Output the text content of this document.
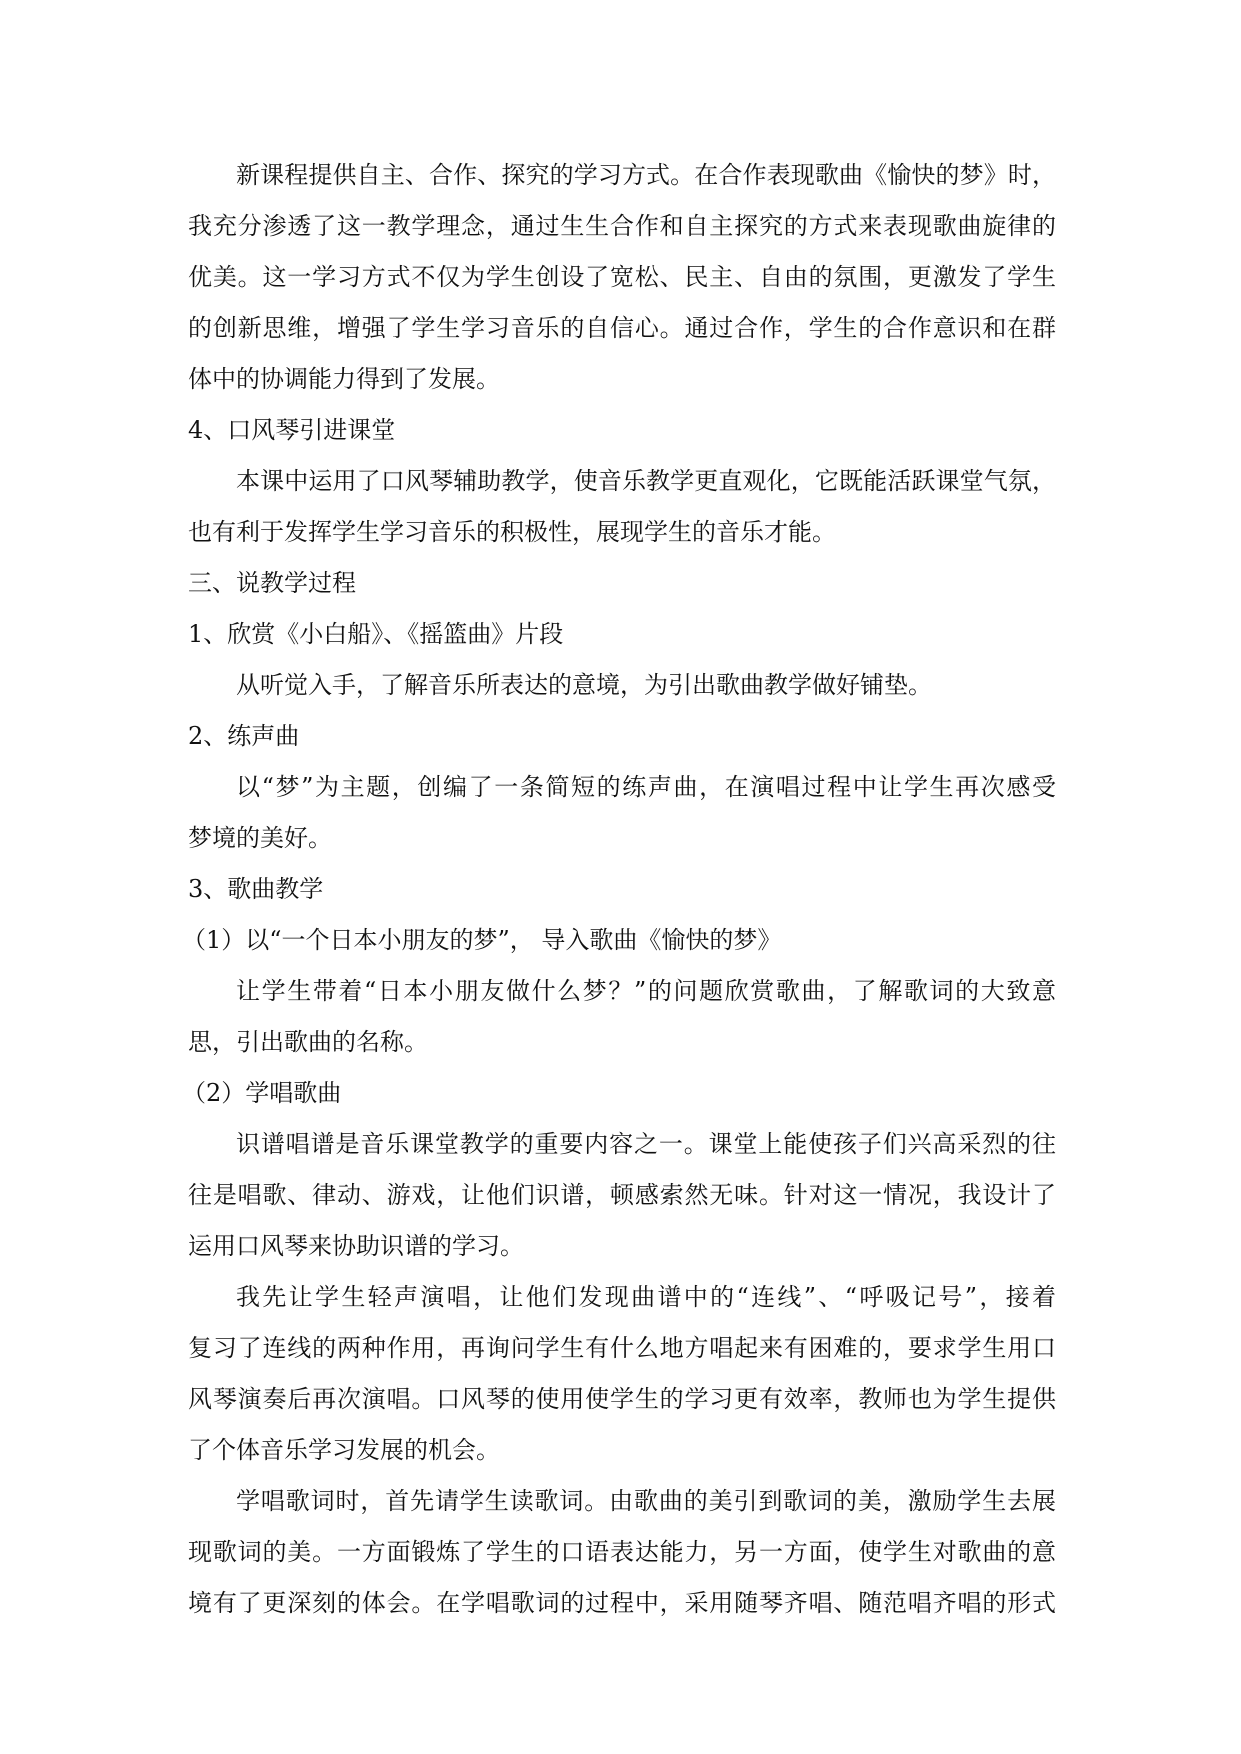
新课程提供自主、合作、探究的学习方式。在合作表现歌曲《愉快的梦》时，
我充分渗透了这一教学理念，通过生生合作和自主探究的方式来表现歌曲旋律的
优美。这一学习方式不仅为学生创设了宽松、民主、自由的氛围，更激发了学生
的创新思维，增强了学生学习音乐的自信心。通过合作，学生的合作意识和在群
体中的协调能力得到了发展。
4、口风琴引进课堂
本课中运用了口风琴辅助教学，使音乐教学更直观化，它既能活跃课堂气氛，
也有利于发挥学生学习音乐的积极性，展现学生的音乐才能。
三、说教学过程
1、欣赏《小白船》、《摇篮曲》片段
从听觉入手，了解音乐所表达的意境，为引出歌曲教学做好铺垫。
2、练声曲
以“梦”为主题，创编了一条简短的练声曲，在演唱过程中让学生再次感受
梦境的美好。
3、歌曲教学
（1）以“一个日本小朋友的梦”， 导入歌曲《愉快的梦》
让学生带着“日本小朋友做什么梦？”的问题欣赏歌曲，了解歌词的大致意
思，引出歌曲的名称。
（2）学唱歌曲
识谱唱谱是音乐课堂教学的重要内容之一。课堂上能使孩子们兴高采烈的往
往是唱歌、律动、游戏，让他们识谱，顿感索然无味。针对这一情况，我设计了
运用口风琴来协助识谱的学习。
我先让学生轻声演唱，让他们发现曲谱中的“连线”、“呼吸记号”，接着
复习了连线的两种作用，再询问学生有什么地方唱起来有困难的，要求学生用口
风琴演奏后再次演唱。口风琴的使用使学生的学习更有效率，教师也为学生提供
了个体音乐学习发展的机会。
学唱歌词时，首先请学生读歌词。由歌曲的美引到歌词的美，激励学生去展
现歌词的美。一方面锻炼了学生的口语表达能力，另一方面，使学生对歌曲的意
境有了更深刻的体会。在学唱歌词的过程中，采用随琴齐唱、随范唱齐唱的形式
